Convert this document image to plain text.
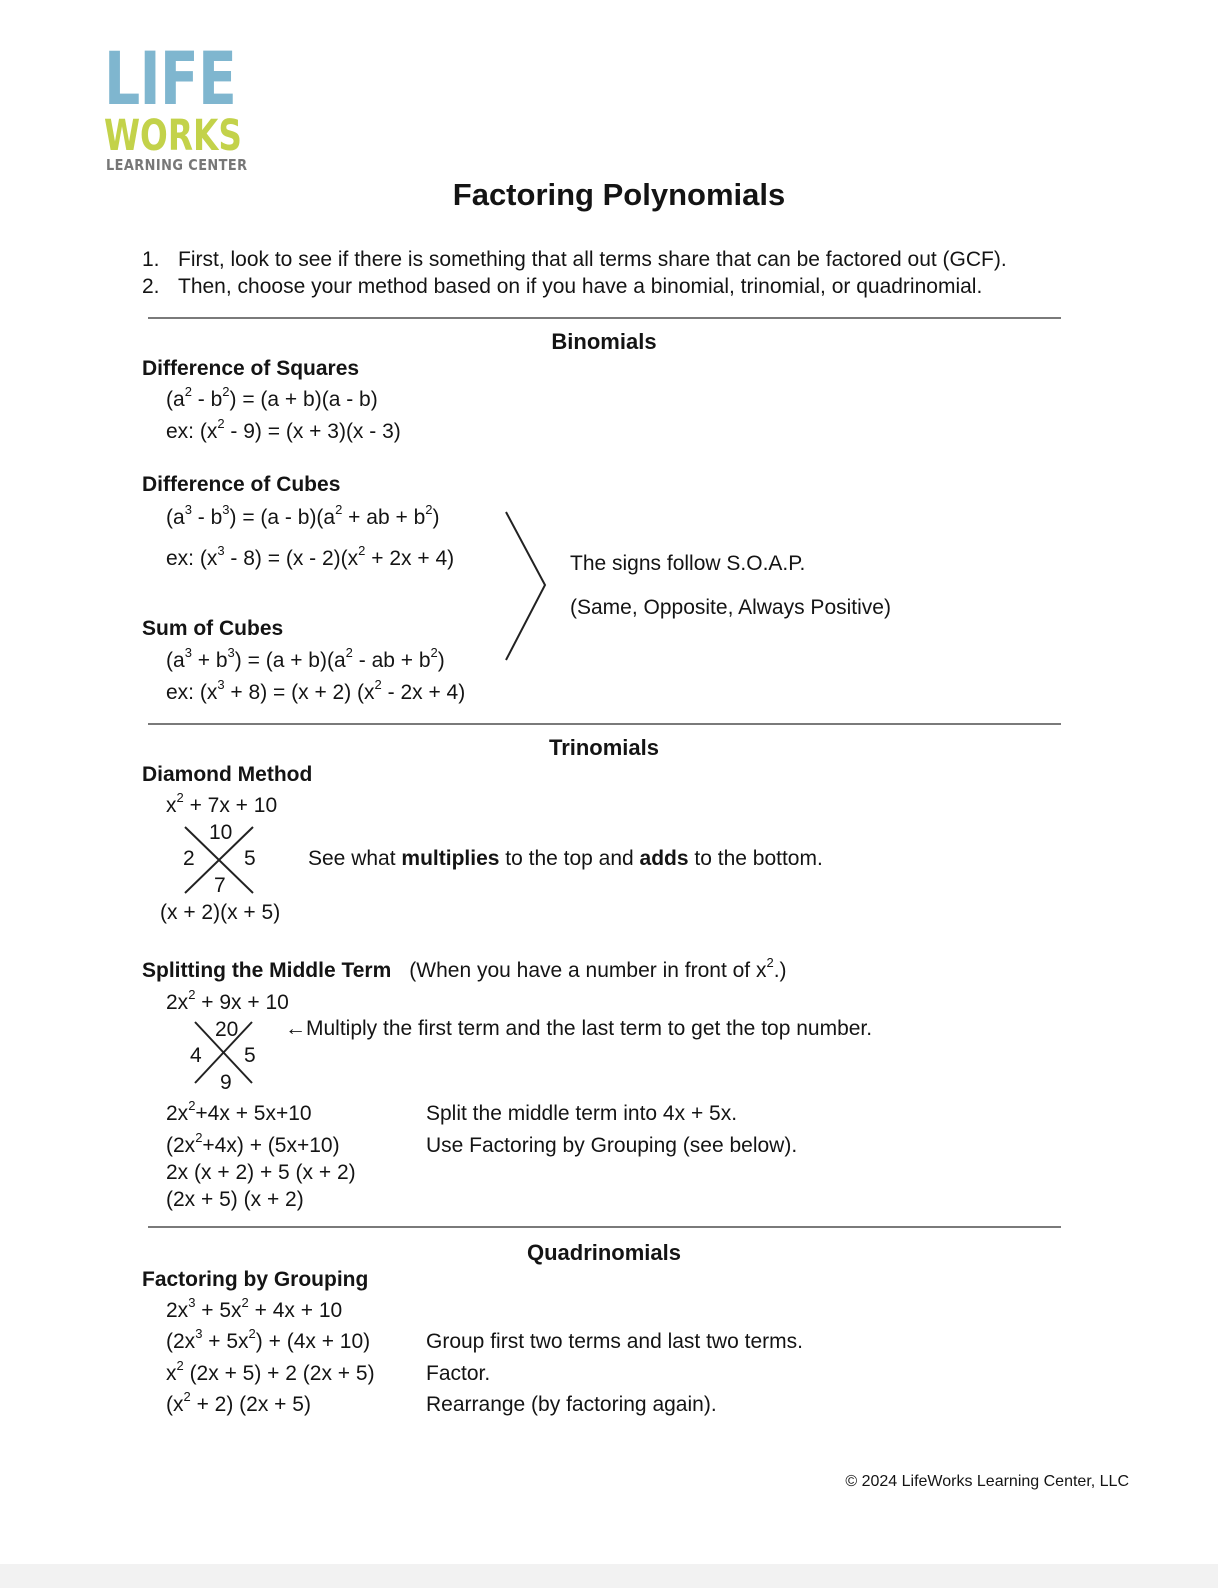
LIFE
WORKS
LEARNING CENTER
Factoring Polynomials
1. First, look to see if there is something that all terms share that can be factored out (GCF).
2. Then, choose your method based on if you have a binomial, trinomial, or quadrinomial.
Binomials
Difference of Squares
$(a^2 - b^2) = (a + b)(a - b)$
ex: $(x^2 - 9) = (x + 3)(x - 3)$
Difference of Cubes
$(a^3 - b^3) = (a - b)(a^2$ + ab + $b^2$)
ex: $(x^3 - 8) = (x - 2)(x^2 + 2x + 4)$	The signs follow S.O.A.P.
(Same, Opposite, Always Positive)
Sum of Cubes
$(a^3 + b^3) = (a + b)(a^2$ - ab + $b^2$)
ex: $(x^3 + 8) = (x + 2)$ $(x^2 - 2x + 4)$
Trinomials
Diamond Method
$x^2 + 7x + 10$
10
2 5
7
(x + 2)(x + 5)
See what multiplies to the top and adds to the bottom.
Splitting the Middle Term (When you have a number in front of $x^2$.)
$2x^2 + 9x + 10$
20
4 5
9
←Multiply the first term and the last term to get the top number.
$2x^2+4x + 5x+10$
$(2x^2+4x) + (5x+10)$
2x (x + 2) + 5 (x + 2)
(2x + 5) (x + 2)
Split the middle term into 4x + 5x.
Use Factoring by Grouping (see below).
Quadrinomials
Factoring by Grouping
$2x^3 + 5x^2 + 4x + 10$
$(2x^3 + 5x^2) + (4x + 10)$
$x^2$ (2x + 5) + 2 (2x + 5)
$(x^2 + 2) (2x + 5)$
Group first two terms and last two terms.
Factor.
Rearrange (by factoring again).
© 2024 LifeWorks Learning Center, LLC
